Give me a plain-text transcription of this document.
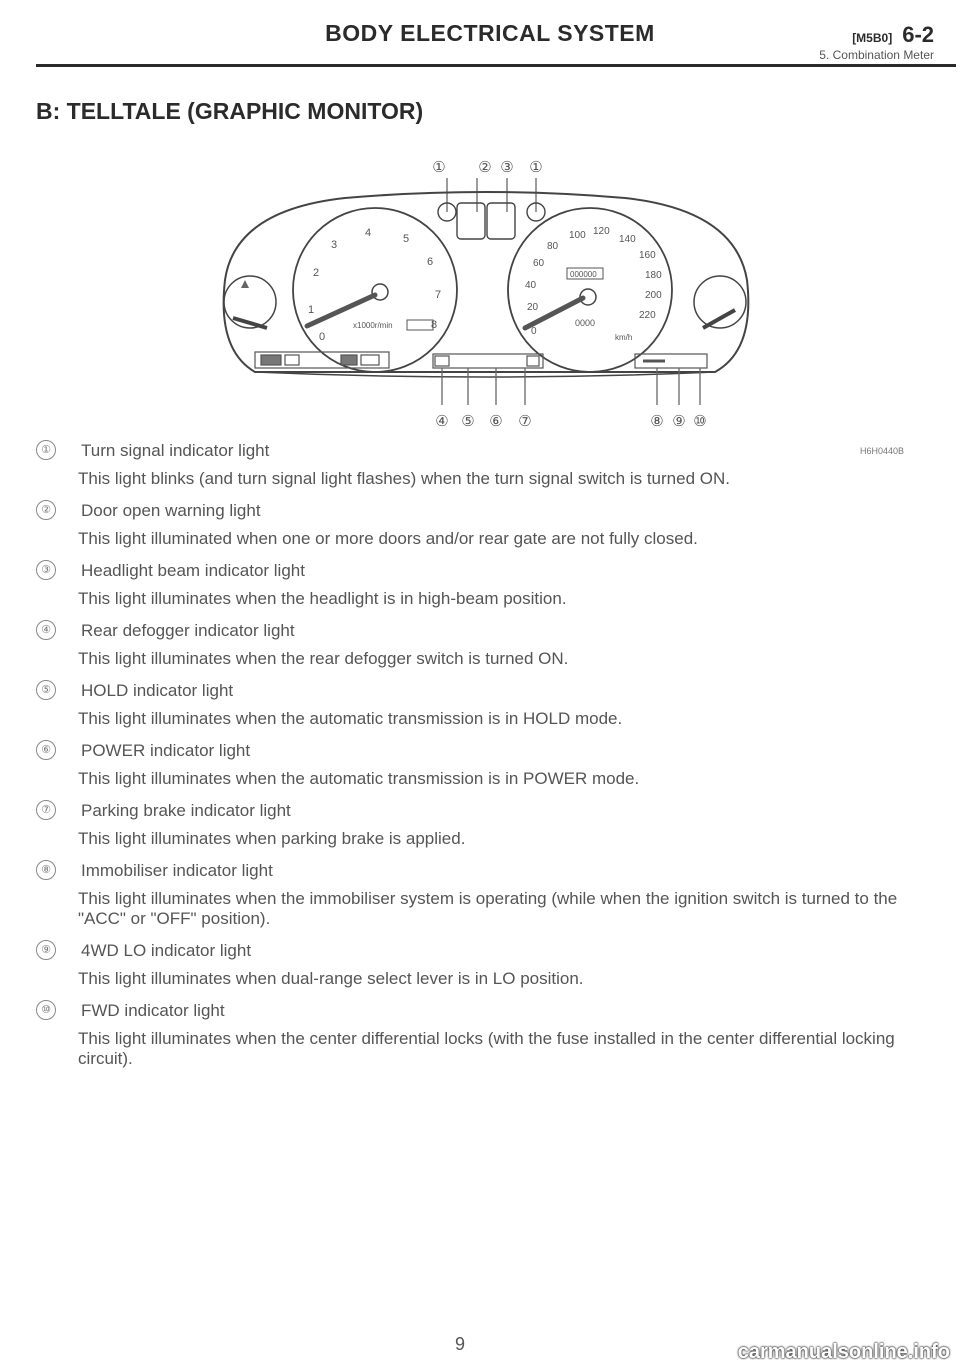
BODY ELECTRICAL SYSTEM	[M5B0] 6-2
5. Combination Meter
B: TELLTALE (GRAPHIC MONITOR)
① ② ③ ①
0
1
2
3
4	5
6
7
8
x1000r/min
0
20
40
60
80
100 120
140
160
180
200
220
000000
0000
km/h
④ ⑤ ⑥ ⑦	⑧ ⑨ ⑩
H6H0440B
① Turn signal indicator light
This light blinks (and turn signal light flashes) when the turn signal switch is turned ON.
② Door open warning light
This light illuminated when one or more doors and/or rear gate are not fully closed.
③ Headlight beam indicator light
This light illuminates when the headlight is in high-beam position.
④ Rear defogger indicator light
This light illuminates when the rear defogger switch is turned ON.
⑤ HOLD indicator light
This light illuminates when the automatic transmission is in HOLD mode.
⑥ POWER indicator light
This light illuminates when the automatic transmission is in POWER mode.
⑦ Parking brake indicator light
This light illuminates when parking brake is applied.
⑧ Immobiliser indicator light
This light illuminates when the immobiliser system is operating (while when the ignition switch is turned to the "ACC" or "OFF" position).
⑨ 4WD LO indicator light
This light illuminates when dual-range select lever is in LO position.
⑩ FWD indicator light
This light illuminates when the center differential locks (with the fuse installed in the center differential locking circuit).
9	carmanualsonline.info
